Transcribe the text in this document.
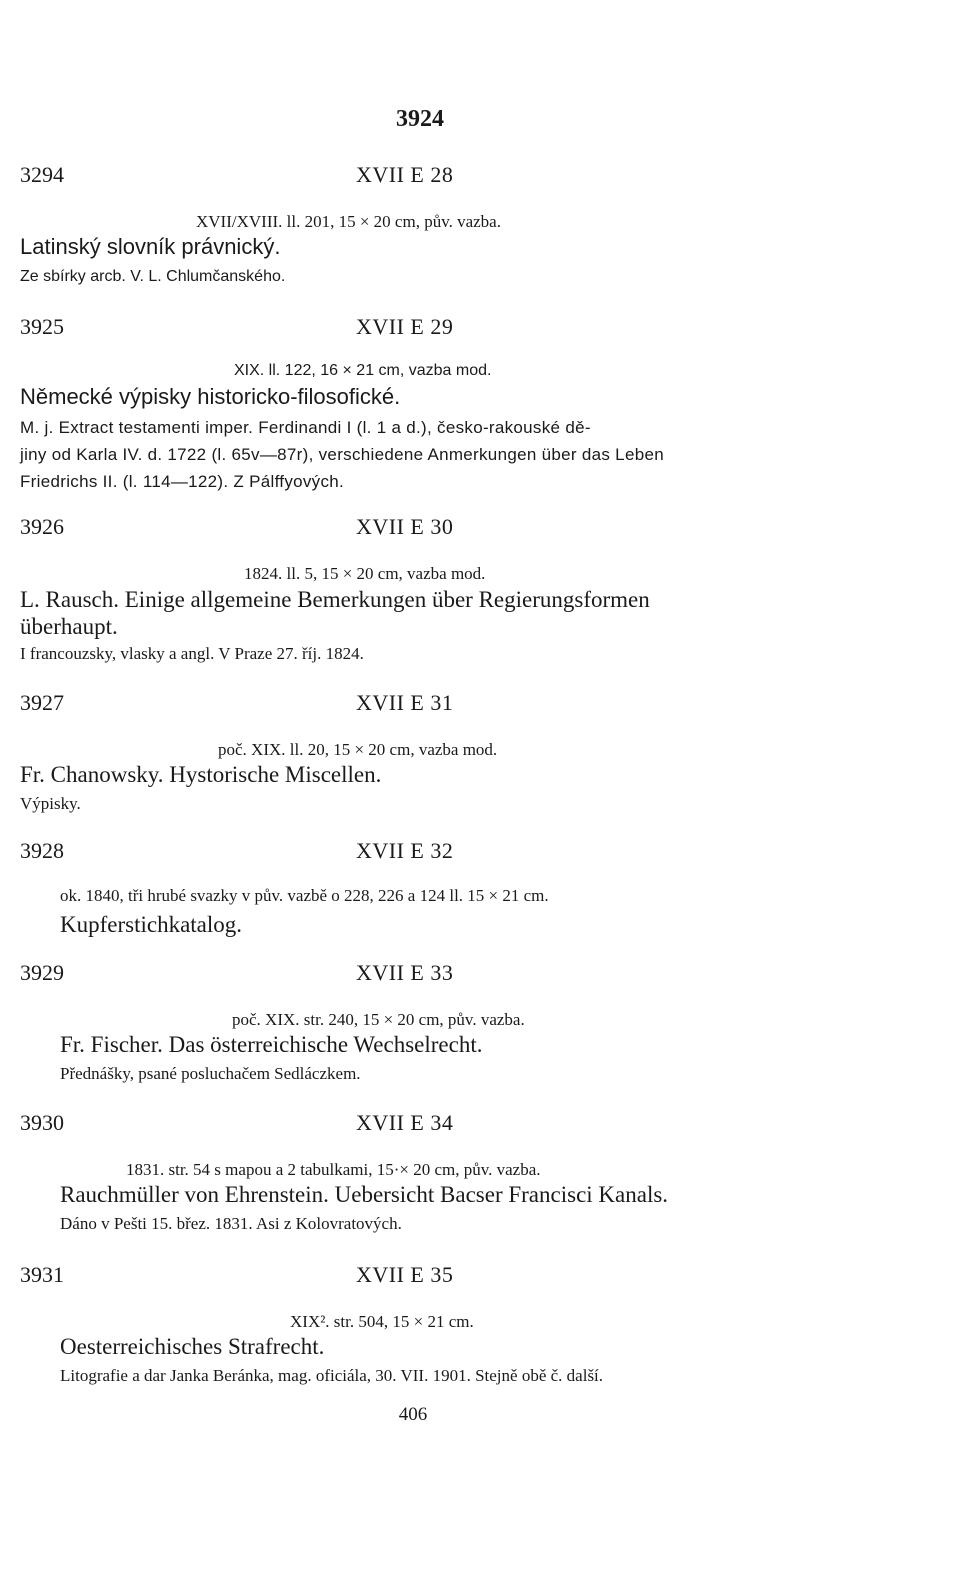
3924
3294	XVII E 28
XVII/XVIII. ll. 201, 15 × 20 cm, pův. vazba.
Latinský slovník právnický.
Ze sbírky arcb. V. L. Chlumčanského.
3925	XVII E 29
XIX. ll. 122, 16 × 21 cm, vazba mod.
Německé výpisky historicko-filosofické.
M. j. Extract testamenti imper. Ferdinandi I (l. 1 a d.), česko-rakouské dě-
jiny od Karla IV. d. 1722 (l. 65v—87r), verschiedene Anmerkungen über das Leben
Friedrichs II. (l. 114—122). Z Pálffyových.
3926	XVII E 30
1824. ll. 5, 15 × 20 cm, vazba mod.
L. Rausch. Einige allgemeine Bemerkungen über Regierungsformen
überhaupt.
I francouzsky, vlasky a angl. V Praze 27. říj. 1824.
3927	XVII E 31
poč. XIX. ll. 20, 15 × 20 cm, vazba mod.
Fr. Chanowsky. Hystorische Miscellen.
Výpisky.
3928	XVII E 32
ok. 1840, tři hrubé svazky v pův. vazbě o 228, 226 a 124 ll. 15 × 21 cm.
Kupferstichkatalog.
3929	XVII E 33
poč. XIX. str. 240, 15 × 20 cm, pův. vazba.
Fr. Fischer. Das österreichische Wechselrecht.
Přednášky, psané posluchačem Sedláczkem.
3930	XVII E 34
1831. str. 54 s mapou a 2 tabulkami, 15·× 20 cm, pův. vazba.
Rauchmüller von Ehrenstein. Uebersicht Bacser Francisci Kanals.
Dáno v Pešti 15. břez. 1831. Asi z Kolovratových.
3931	XVII E 35
XIX². str. 504, 15 × 21 cm.
Oesterreichisches Strafrecht.
Litografie a dar Janka Beránka, mag. oficiála, 30. VII. 1901. Stejně obě č. další.
406
